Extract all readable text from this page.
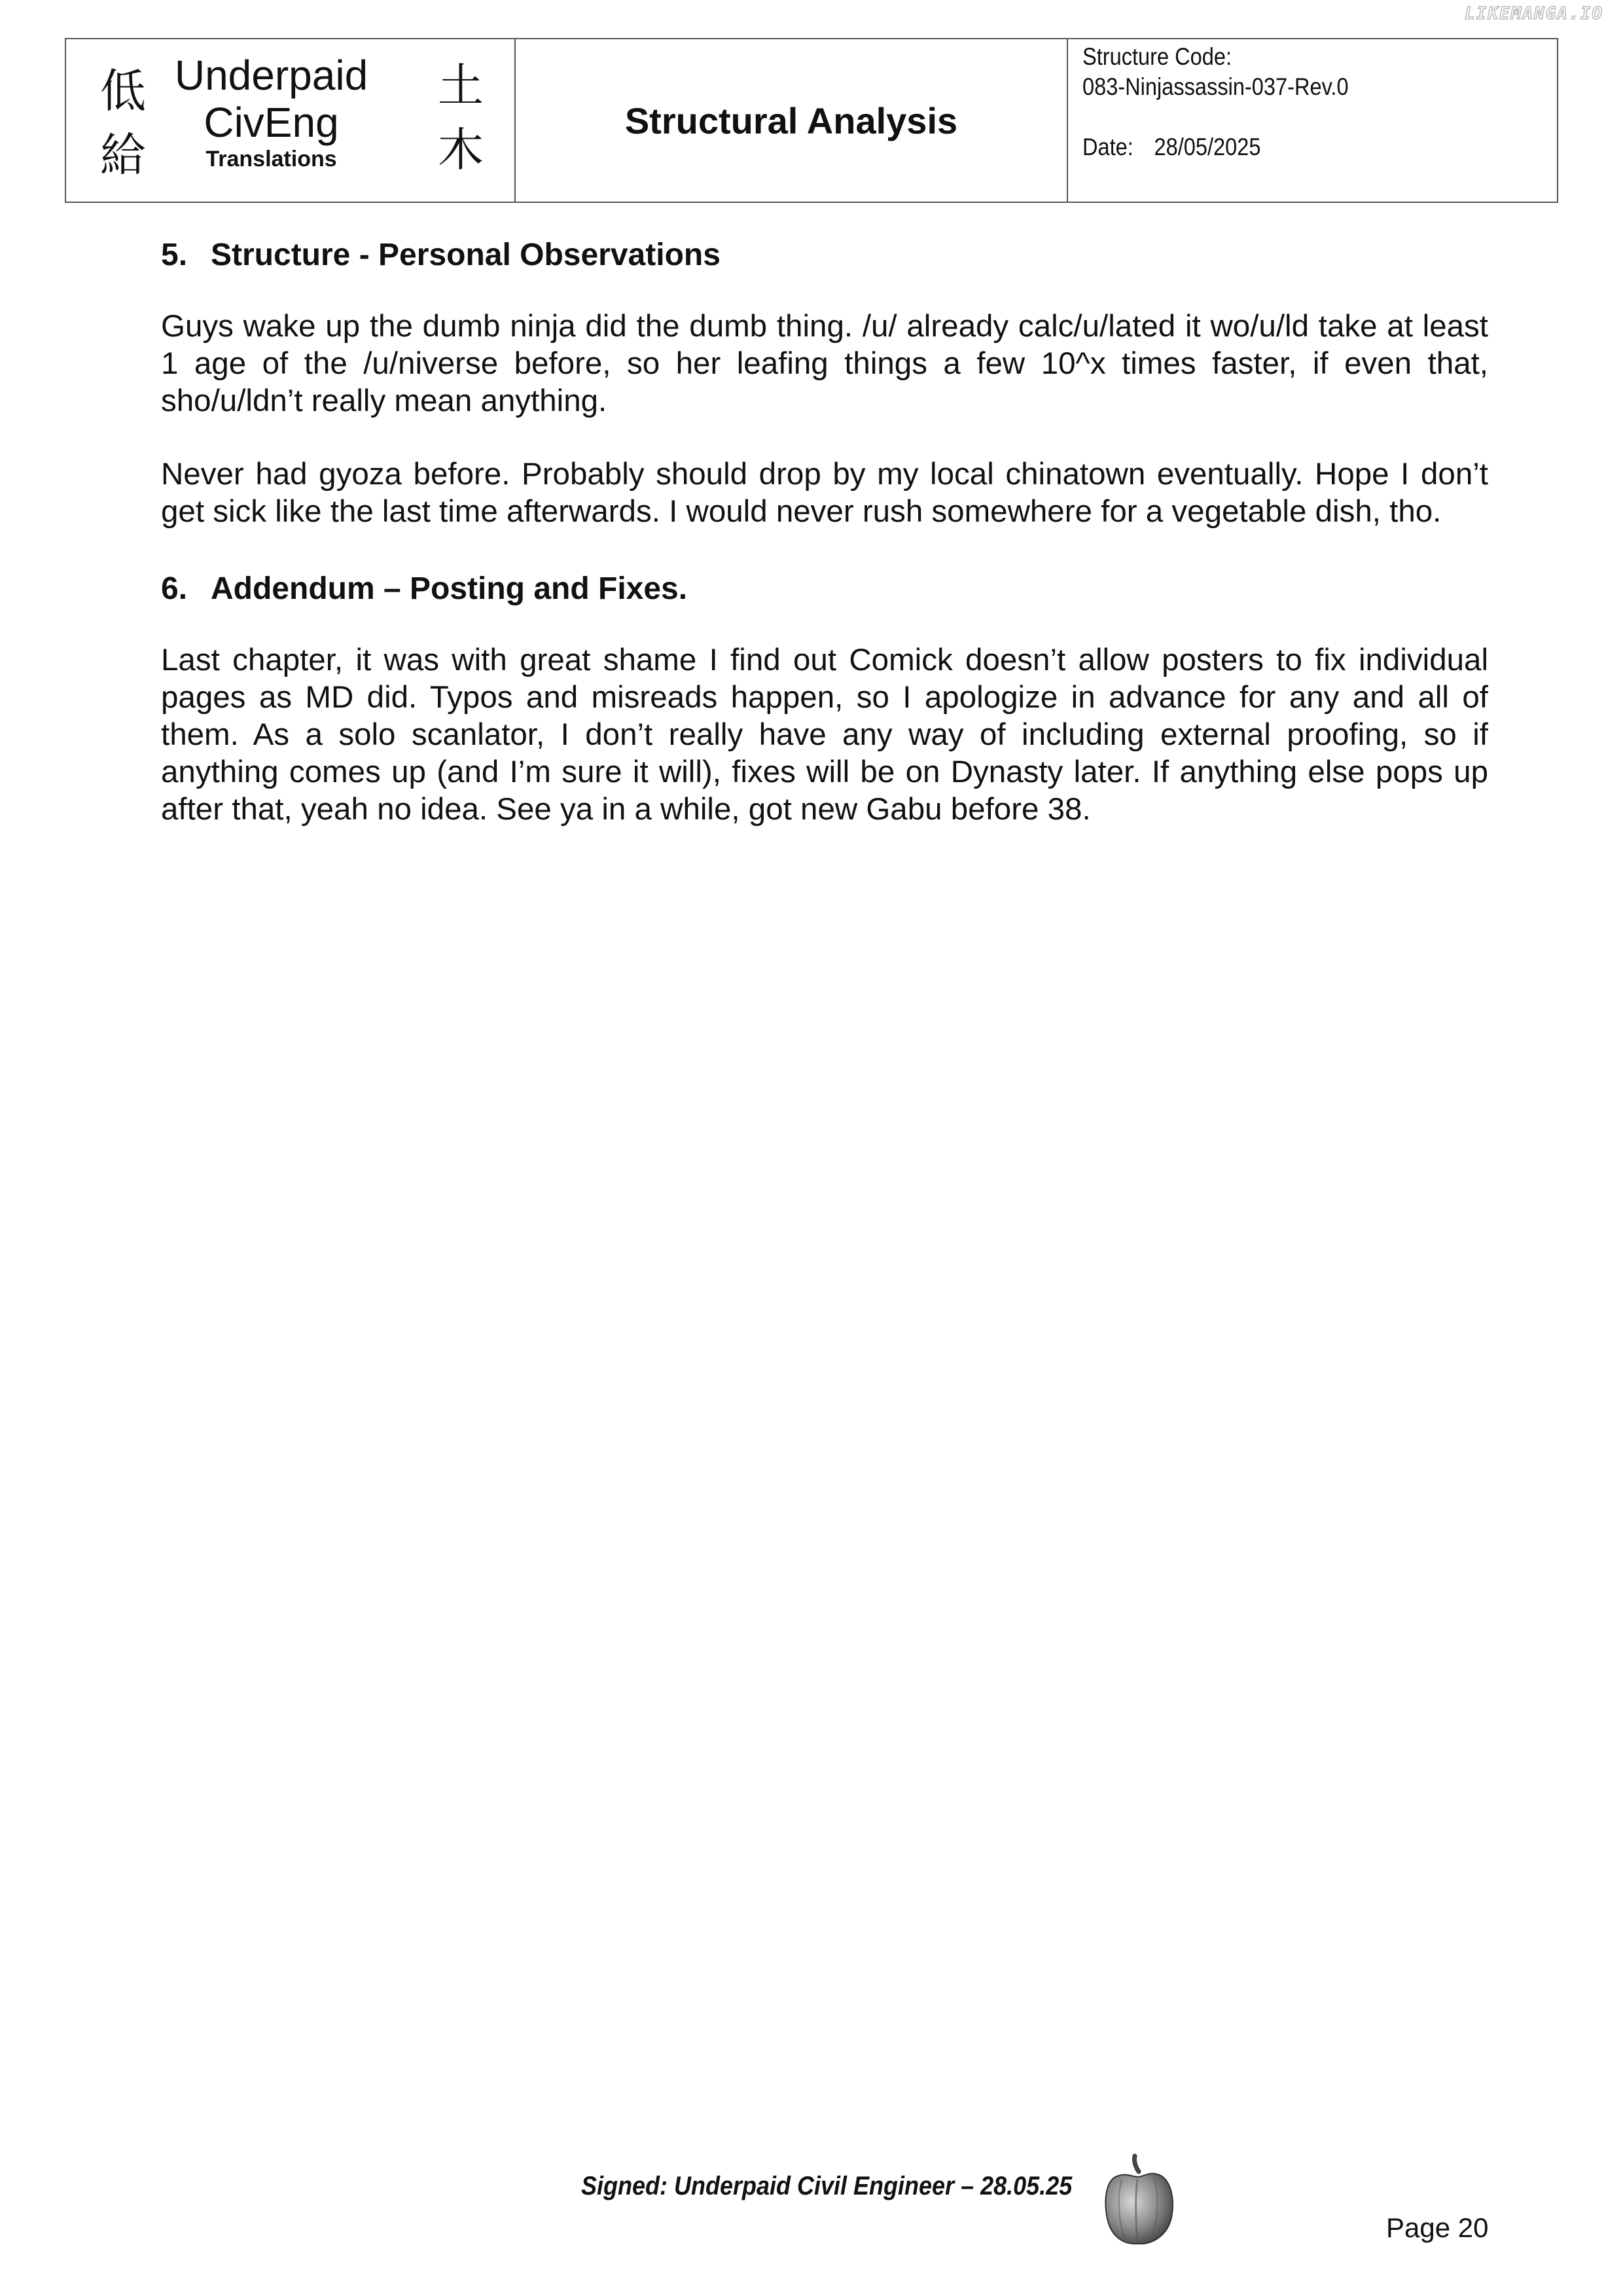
LIKEMANGA.IO
低
給
Underpaid
CivEng
Translations
土
木
Structural Analysis
Structure Code:
083-Ninjassassin-037-Rev.0
Date: 28/05/2025
5. Structure - Personal Observations

Guys wake up the dumb ninja did the dumb thing. /u/ already calc/u/lated it wo/u/ld take at least 1 age of the /u/niverse before, so her leafing things a few 10^x times faster, if even that, sho/u/ldn’t really mean anything.

Never had gyoza before. Probably should drop by my local chinatown eventually. Hope I don’t get sick like the last time afterwards. I would never rush somewhere for a vegetable dish, tho.

6. Addendum – Posting and Fixes.

Last chapter, it was with great shame I find out Comick doesn’t allow posters to fix individual pages as MD did. Typos and misreads happen, so I apologize in advance for any and all of them. As a solo scanlator, I don’t really have any way of including external proofing, so if anything comes up (and I’m sure it will), fixes will be on Dynasty later. If anything else pops up after that, yeah no idea. See ya in a while, got new Gabu before 38.

Signed: Underpaid Civil Engineer – 28.05.25
Page 20
